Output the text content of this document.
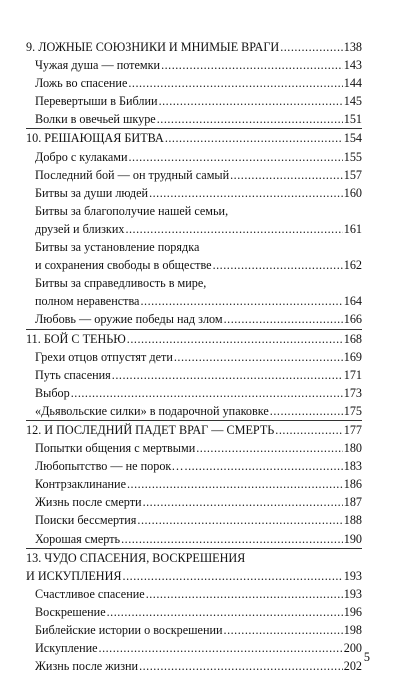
9. ЛОЖНЫЕ СОЮЗНИКИ И МНИМЫЕ ВРАГИ .....	138
Чужая душа — потемки .....	143
Ложь во спасение .....	144
Перевертыши в Библии .....	145
Волки в овечьей шкуре .....	151
10. РЕШАЮЩАЯ БИТВА .....	154
Добро с кулаками .....	155
Последний бой — он трудный самый .....	157
Битвы за души людей .....	160
Битвы за благополучие нашей семьи,
друзей и близких .....	161
Битвы за установление порядка
и сохранения свободы в обществе .....	162
Битвы за справедливость в мире,
полном неравенства .....	164
Любовь — оружие победы над злом .....	166
11. БОЙ С ТЕНЬЮ .....	168
Грехи отцов отпустят дети .....	169
Путь спасения .....	171
Выбор .....	173
«Дьявольские силки» в подарочной упаковке .....	175
12. И ПОСЛЕДНИЙ ПАДЕТ ВРАГ — СМЕРТЬ .....	177
Попытки общения с мертвыми .....	180
Любопытство — не порок… .....	183
Контрзаклинание .....	186
Жизнь после смерти .....	187
Поиски бессмертия .....	188
Хорошая смерть .....	190
13. ЧУДО СПАСЕНИЯ, ВОСКРЕШЕНИЯ
И ИСКУПЛЕНИЯ .....	193
Счастливое спасение .....	193
Воскрешение .....	196
Библейские истории о воскрешении .....	198
Искупление .....	200
Жизнь после жизни .....	202
5
